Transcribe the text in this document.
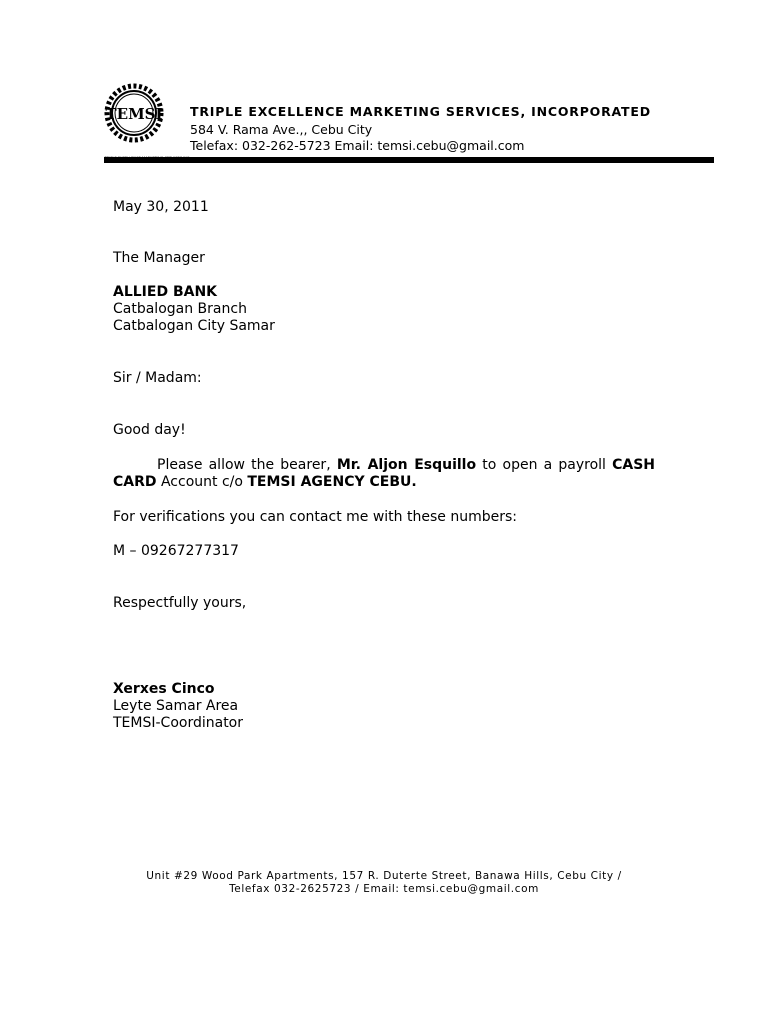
TEMSI TRIPLE EXCELLENCE MARKETING SERVICES, INCORPORATED
584 V. Rama Ave.,, Cebu City
Telefax: 032-262-5723 Email: temsi.cebu@gmail.com
May 30, 2011
The Manager
ALLIED BANK
Catbalogan Branch
Catbalogan City Samar
Sir / Madam:
Good day!
Please allow the bearer, Mr. Aljon Esquillo to open a payroll CASH CARD Account c/o TEMSI AGENCY CEBU.
For verifications you can contact me with these numbers:
M – 09267277317
Respectfully yours,
Xerxes Cinco
Leyte Samar Area
TEMSI-Coordinator
Unit #29 Wood Park Apartments, 157 R. Duterte Street, Banawa Hills, Cebu City /
Telefax 032-2625723 / Email: temsi.cebu@gmail.com
